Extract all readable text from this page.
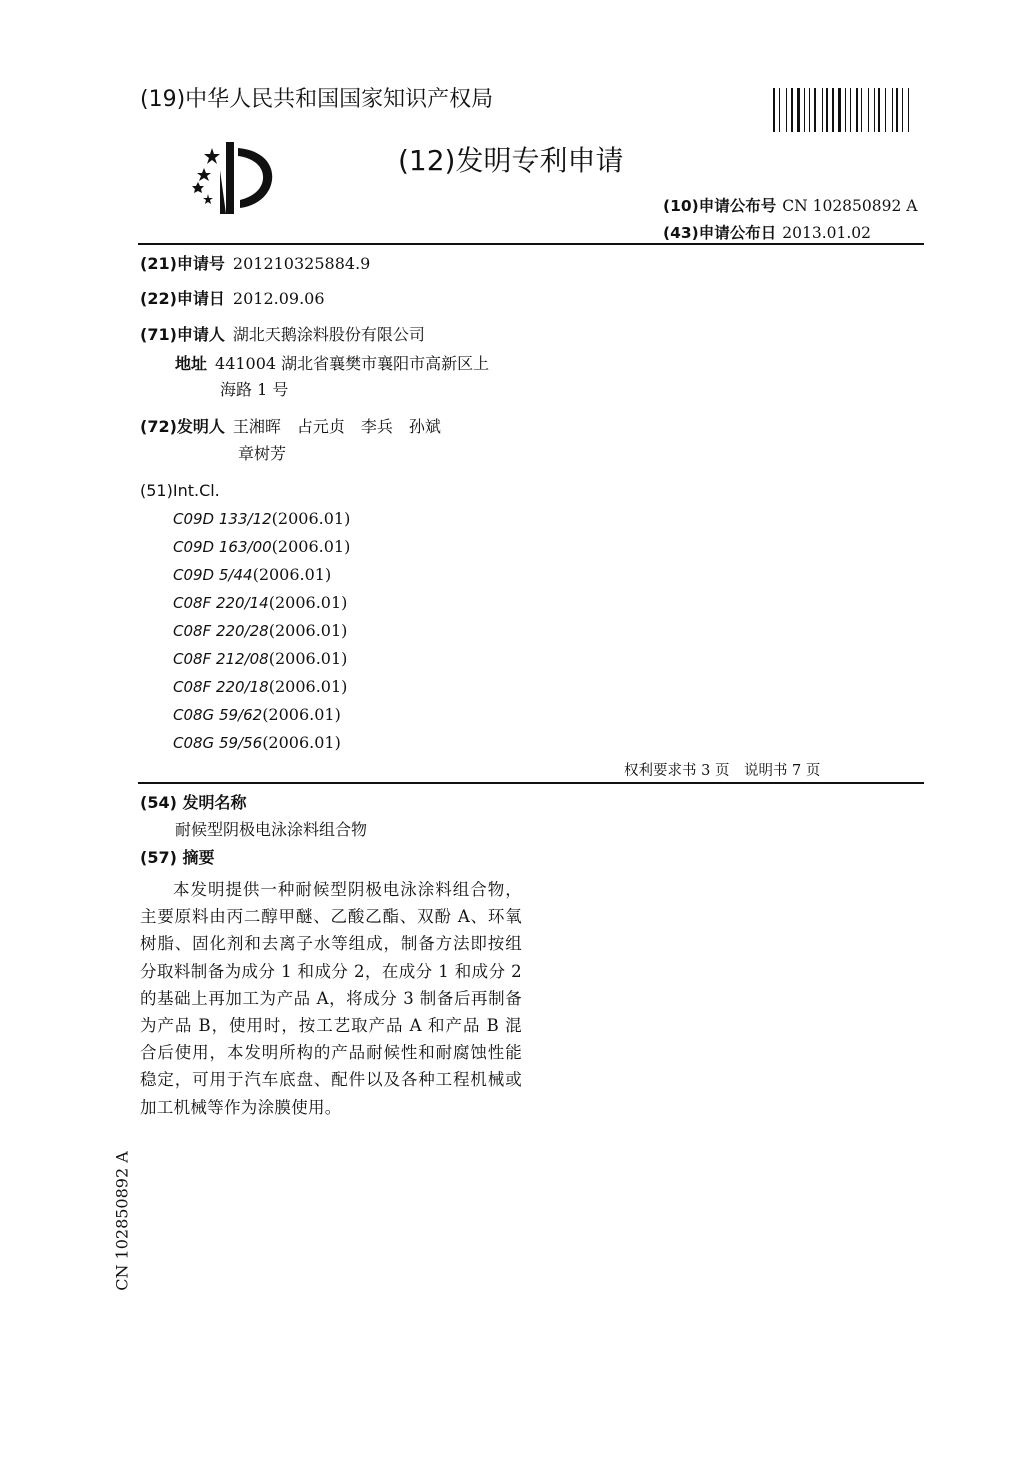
(19)中华人民共和国国家知识产权局
(12)发明专利申请
(10)申请公布号 CN 102850892 A
(43)申请公布日 2013.01.02
(21)申请号 201210325884.9
(22)申请日 2012.09.06
(71)申请人 湖北天鹅涂料股份有限公司
地址 441004 湖北省襄樊市襄阳市高新区上
海路 1 号
(72)发明人 王湘晖　占元贞　李兵　孙斌
章树芳
(51)Int.Cl.
C09D 133/12(2006.01)
C09D 163/00(2006.01)
C09D 5/44(2006.01)
C08F 220/14(2006.01)
C08F 220/28(2006.01)
C08F 212/08(2006.01)
C08F 220/18(2006.01)
C08G 59/62(2006.01)
C08G 59/56(2006.01)
权利要求书 3 页　说明书 7 页
(54) 发明名称
耐候型阴极电泳涂料组合物
(57) 摘要
本发明提供一种耐候型阴极电泳涂料组合物，主要原料由丙二醇甲醚、乙酸乙酯、双酚 A、环氧树脂、固化剂和去离子水等组成，制备方法即按组分取料制备为成分 1 和成分 2，在成分 1 和成分 2 的基础上再加工为产品 A，将成分 3 制备后再制备为产品 B，使用时，按工艺取产品 A 和产品 B 混合后使用，本发明所构的产品耐候性和耐腐蚀性能稳定，可用于汽车底盘、配件以及各种工程机械或加工机械等作为涂膜使用。
CN 102850892 A
